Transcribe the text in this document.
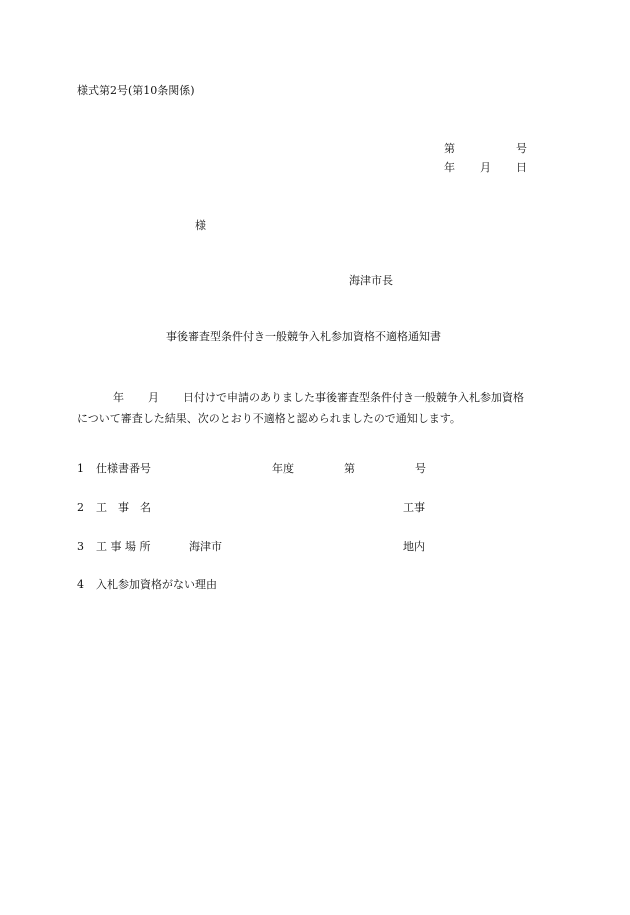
様式第2号(第10条関係)
第	号
年 月 日
様
海津市長
事後審査型条件付き一般競争入札参加資格不適格通知書
年 月 日付けで申請のありました事後審査型条件付き一般競争入札参加資格
について審査した結果、次のとおり不適格と認められましたので通知します。
1 仕様書番号	年度	第	号
2 工　事　名	工事
3 工 事 場 所	海津市	地内
4 入札参加資格がない理由
